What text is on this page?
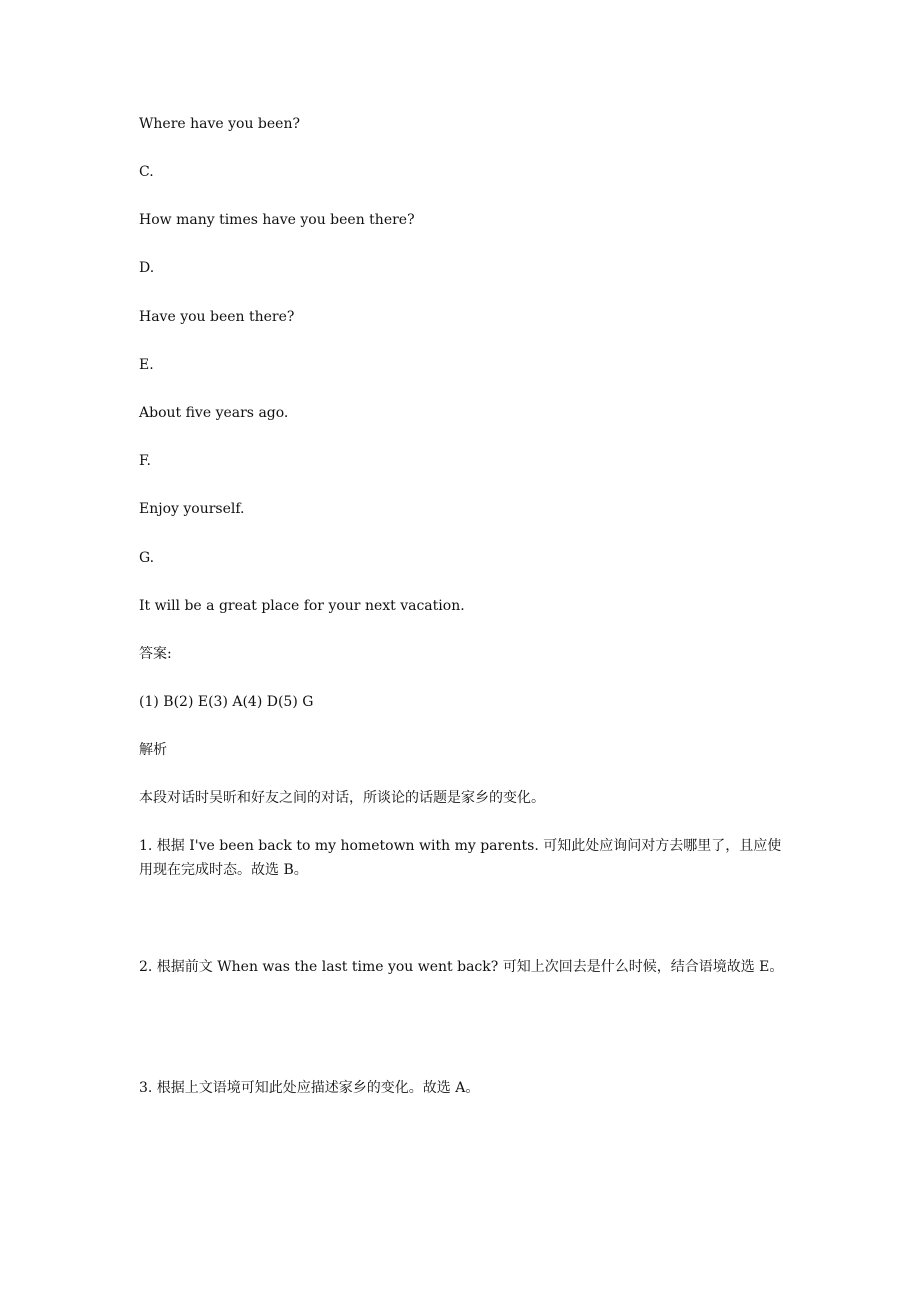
Where have you been?

C.

How many times have you been there?

D.

Have you been there?

E.

About five years ago.

F.

Enjoy yourself.

G.

It will be a great place for your next vacation.

答案:

(1) B(2) E(3) A(4) D(5) G

解析

本段对话时吴昕和好友之间的对话，所谈论的话题是家乡的变化。

1. 根据 I've been back to my hometown with my parents. 可知此处应询问对方去哪里了，且应使用现在完成时态。故选 B。

2. 根据前文 When was the last time you went back? 可知上次回去是什么时候，结合语境故选 E。

3. 根据上文语境可知此处应描述家乡的变化。故选 A。
